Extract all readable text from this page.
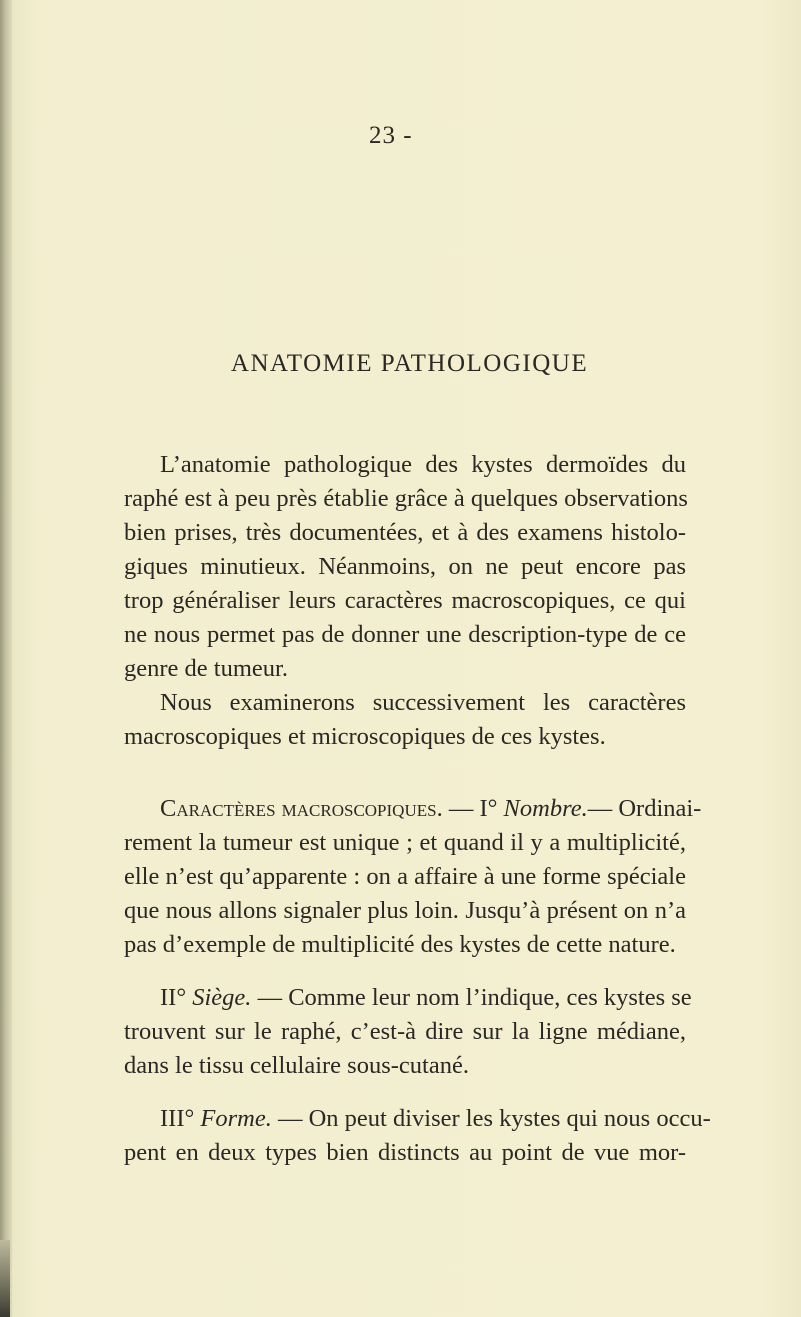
23 -
ANATOMIE PATHOLOGIQUE
L’anatomie pathologique des kystes dermoïdes du
raphé est à peu près établie grâce à quelques observations
bien prises, très documentées, et à des examens histolo-
giques minutieux. Néanmoins, on ne peut encore pas
trop généraliser leurs caractères macroscopiques, ce qui
ne nous permet pas de donner une description-type de ce
genre de tumeur.
Nous examinerons successivement les caractères
macroscopiques et microscopiques de ces kystes.
Caractères macroscopiques. — I° Nombre.— Ordinai-
rement la tumeur est unique ; et quand il y a multiplicité,
elle n’est qu’apparente : on a affaire à une forme spéciale
que nous allons signaler plus loin. Jusqu’à présent on n’a
pas d’exemple de multiplicité des kystes de cette nature.
II° Siège. — Comme leur nom l’indique, ces kystes se
trouvent sur le raphé, c’est-à dire sur la ligne médiane,
dans le tissu cellulaire sous-cutané.
III° Forme. — On peut diviser les kystes qui nous occu-
pent en deux types bien distincts au point de vue mor-
